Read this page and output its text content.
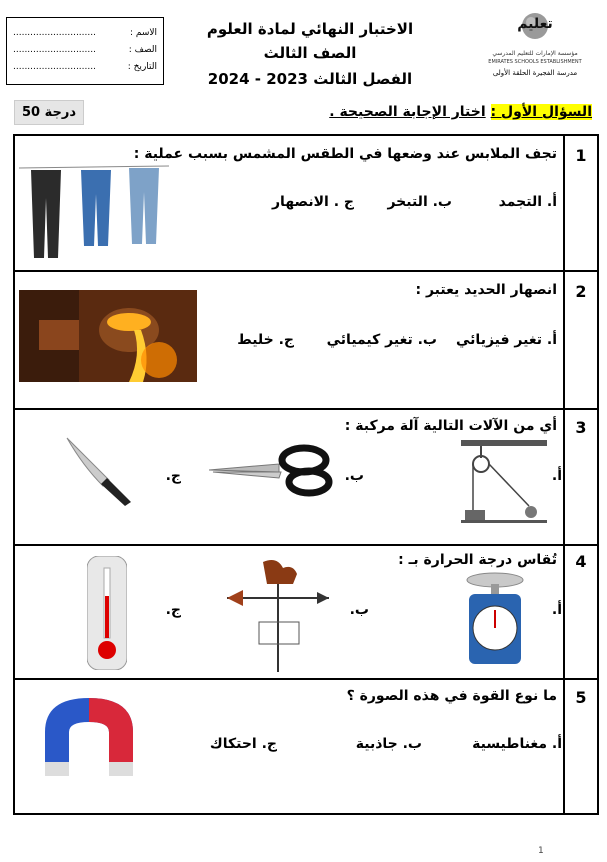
الاسم :
.............................
الصف :
.............................
التاريخ :
.............................
الاختبار النهائي لمادة العلوم
الصف الثالث
الفصل الثالث 2023 - 2024
تعليم
مؤسسة الإمارات للتعليم المدرسي
EMIRATES SCHOOLS ESTABLISHMENT
مدرسة الفجيرة الحلقة الأولى
50 درجة	السؤال الأول : اختار الإجابة الصحيحة .
1
تجف الملابس عند وضعها في الطقس المشمس بسبب عملية :
أ. التجمد
ب. التبخر
ج . الانصهار
2
انصهار الحديد يعتبر :
أ. تغير فيزيائي
ب. تغير كيميائي
ج. خليط
3
أي من الآلات التالية آلة مركبة :
أ.
ب.
ج.
4
تُقاس درجة الحرارة بـ :
أ.
ب.
ج.
5
ما نوع القوة في هذه الصورة ؟
أ. مغناطيسية
ب. جاذبية
ج. احتكاك
1
